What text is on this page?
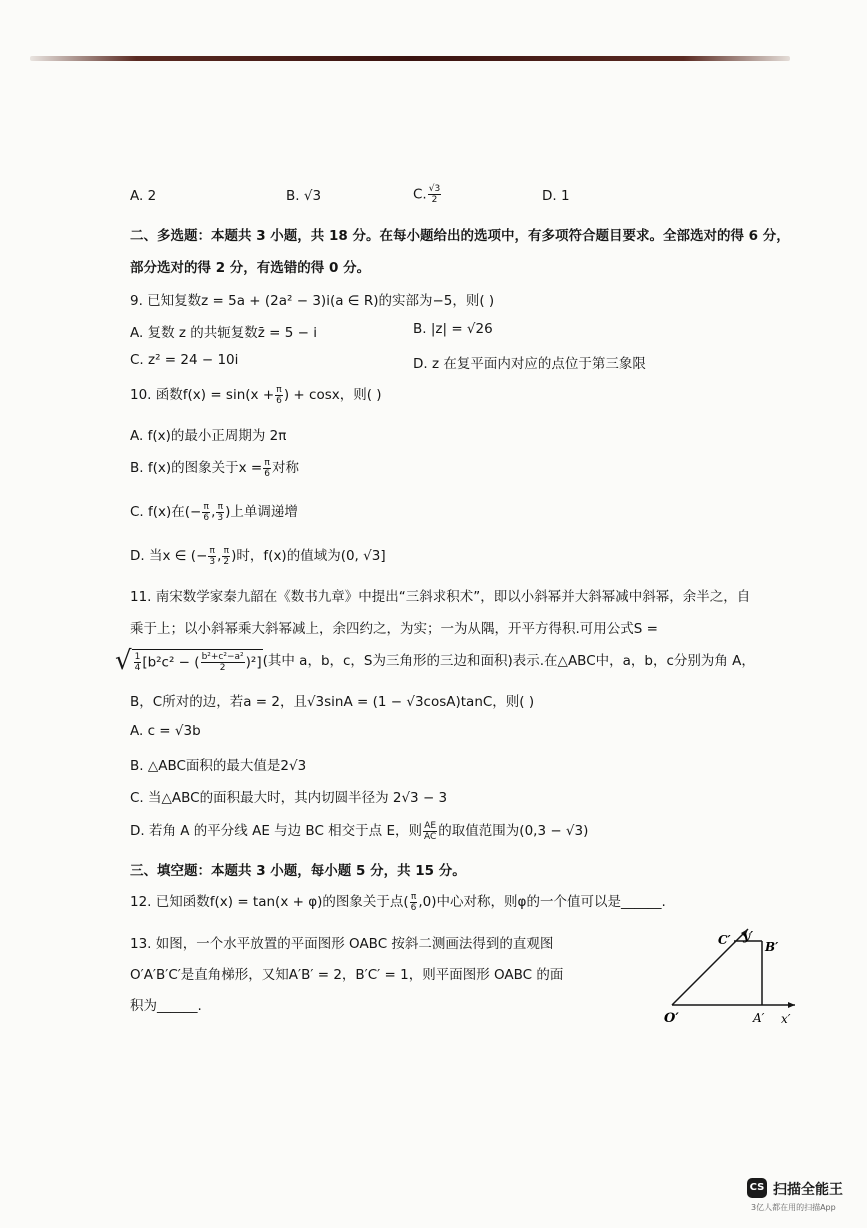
A. 2	B. √3	C. $\frac{√3}{2}$	D. 1
二、多选题：本题共 3 小题，共 18 分。在每小题给出的选项中，有多项符合题目要求。全部选对的得 6 分，
部分选对的得 2 分，有选错的得 0 分。
9. 已知复数z = 5a + (2a² − 3)i(a ∈ R)的实部为−5，则( )
A. 复数 z 的共轭复数z̄ = 5 − i	B. |z| = √26
C. z² = 24 − 10i	D. z 在复平面内对应的点位于第三象限
10. 函数$f(x) = \sin(x + \frac{\pi}{6}$ ) + cosx，则( )
A. f(x)的最小正周期为 2π
B. f(x)的图象关于$x = \frac{\pi}{6}$ 对称
C. f(x)在(− $\frac{\pi}{6}$ , $\frac{\pi}{3}$ )上单调递增
D. 当x ∈ (− $\frac{\pi}{3}$ , $\frac{\pi}{2}$ )时，f(x)的值域为(0, √3]
11. 南宋数学家秦九韶在《数书九章》中提出“三斜求积术”，即以小斜幂并大斜幂减中斜幂，余半之，自
乘于上；以小斜幂乘大斜幂减上，余四约之，为实；一为从隅，开平方得积.可用公式S =
√ $\frac{1}{4} [b^2c^2$ − ( $\frac{\text{b²+c²−a²}}{2} )^2$](其中 a，b，c，S为三角形的三边和面积)表示.在△ABC中，a，b，c分别为角 A，
B，C所对的边，若a = 2，且√3sinA = (1 − √3cosA)tanC，则( )
A. c = √3b
B. △ABC面积的最大值是2√3
C. 当△ABC的面积最大时，其内切圆半径为 2√3 − 3
D. 若角 A 的平分线 AE 与边 BC 相交于点 E，则 $\frac{AE}{AC}$ 的取值范围为(0,3 − √3)
三、填空题：本题共 3 小题，每小题 5 分，共 15 分。
12. 已知函数f(x) = tan(x + φ)的图象关于点( $\frac{\pi}{6} ,0$)中心对称，则φ的一个值可以是______.
13. 如图，一个水平放置的平面图形 OABC 按斜二测画法得到的直观图
O′A′B′C′是直角梯形，又知A′B′ = 2，B′C′ = 1，则平面图形 OABC 的面
积为______.
O′	A′ x′
B′
C′ y′
CS 扫描全能王
3亿人都在用的扫描App
